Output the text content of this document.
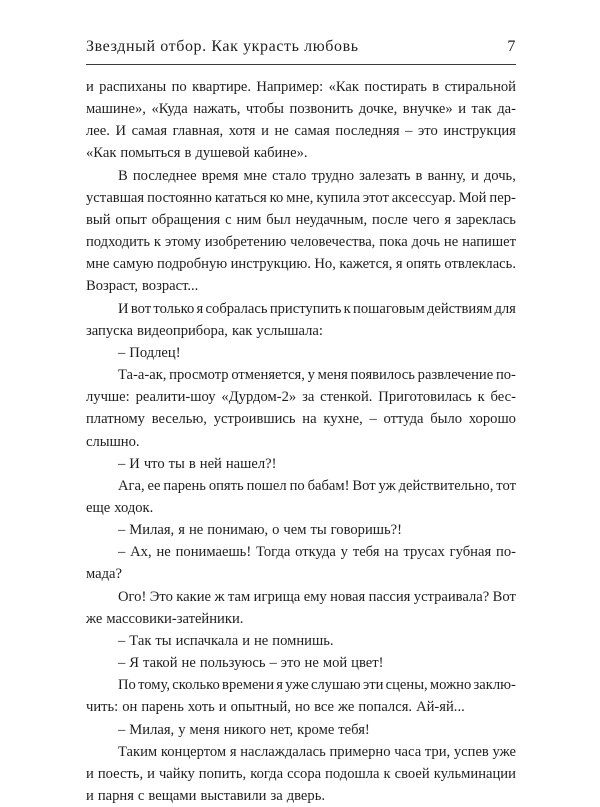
Звездный отбор. Как украсть любовь	7
и распиханы по квартире. Например: «Как постирать в стиральной
машине», «Куда нажать, чтобы позвонить дочке, внучке» и так да-
лее. И самая главная, хотя и не самая последняя – это инструкция
«Как помыться в душевой кабине».
В последнее время мне стало трудно залезать в ванну, и дочь,
уставшая постоянно кататься ко мне, купила этот аксессуар. Мой пер-
вый опыт обращения с ним был неудачным, после чего я зареклась
подходить к этому изобретению человечества, пока дочь не напишет
мне самую подробную инструкцию. Но, кажется, я опять отвлеклась.
Возраст, возраст...
И вот только я собралась приступить к пошаговым действиям для
запуска видеоприбора, как услышала:
– Подлец!
Та-а-ак, просмотр отменяется, у меня появилось развлечение по-
лучше: реалити-шоу «Дурдом-2» за стенкой. Приготовилась к бес-
платному веселью, устроившись на кухне, – оттуда было хорошо
слышно.
– И что ты в ней нашел?!
Ага, ее парень опять пошел по бабам! Вот уж действительно, тот
еще ходок.
– Милая, я не понимаю, о чем ты говоришь?!
– Ах, не понимаешь! Тогда откуда у тебя на трусах губная по-
мада?
Ого! Это какие ж там игрища ему новая пассия устраивала? Вот
же массовики-затейники.
– Так ты испачкала и не помнишь.
– Я такой не пользуюсь – это не мой цвет!
По тому, сколько времени я уже слушаю эти сцены, можно заклю-
чить: он парень хоть и опытный, но все же попался. Ай-яй...
– Милая, у меня никого нет, кроме тебя!
Таким концертом я наслаждалась примерно часа три, успев уже
и поесть, и чайку попить, когда ссора подошла к своей кульминации
и парня с вещами выставили за дверь.
